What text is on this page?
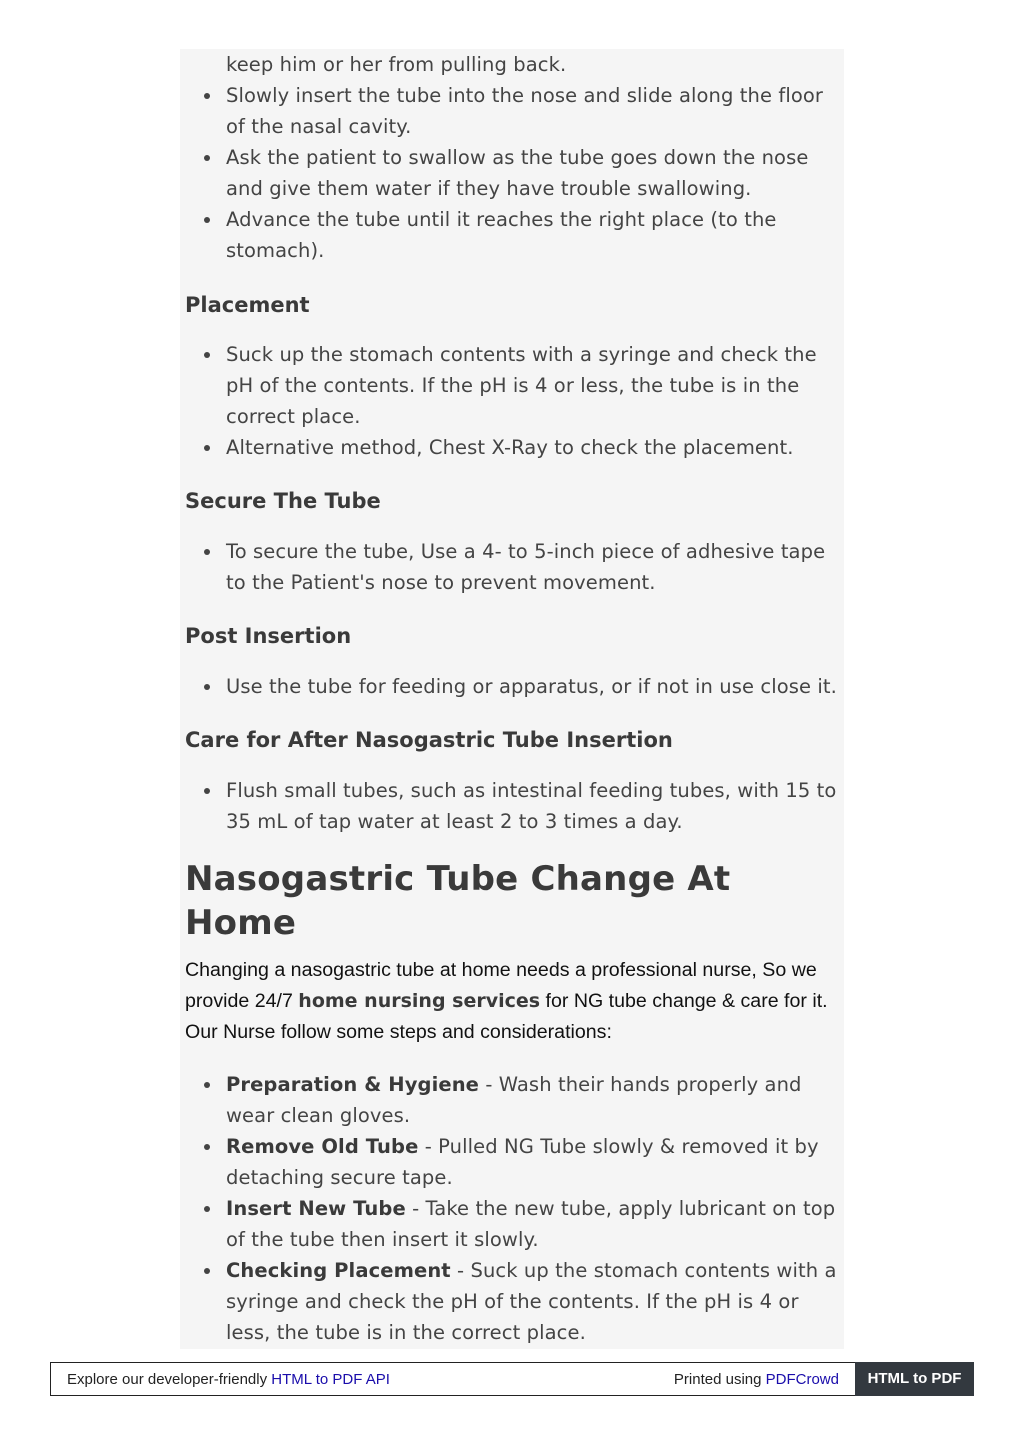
keep him or her from pulling back.
Slowly insert the tube into the nose and slide along the floor of the nasal cavity.
Ask the patient to swallow as the tube goes down the nose and give them water if they have trouble swallowing.
Advance the tube until it reaches the right place (to the stomach).
Placement
Suck up the stomach contents with a syringe and check the pH of the contents. If the pH is 4 or less, the tube is in the correct place.
Alternative method, Chest X-Ray to check the placement.
Secure The Tube
To secure the tube, Use a 4- to 5-inch piece of adhesive tape to the Patient's nose to prevent movement.
Post Insertion
Use the tube for feeding or apparatus, or if not in use close it.
Care for After Nasogastric Tube Insertion
Flush small tubes, such as intestinal feeding tubes, with 15 to 35 mL of tap water at least 2 to 3 times a day.
Nasogastric Tube Change At Home

Changing a nasogastric tube at home needs a professional nurse, So we provide 24/7 home nursing services for NG tube change & care for it. Our Nurse follow some steps and considerations:

Preparation & Hygiene - Wash their hands properly and wear clean gloves.
Remove Old Tube - Pulled NG Tube slowly & removed it by detaching secure tape.
Insert New Tube - Take the new tube, apply lubricant on top of the tube then insert it slowly.
Checking Placement - Suck up the stomach contents with a syringe and check the pH of the contents. If the pH is 4 or less, the tube is in the correct place.
Explore our developer-friendly HTML to PDF API	Printed using PDFCrowd	HTML to PDF
